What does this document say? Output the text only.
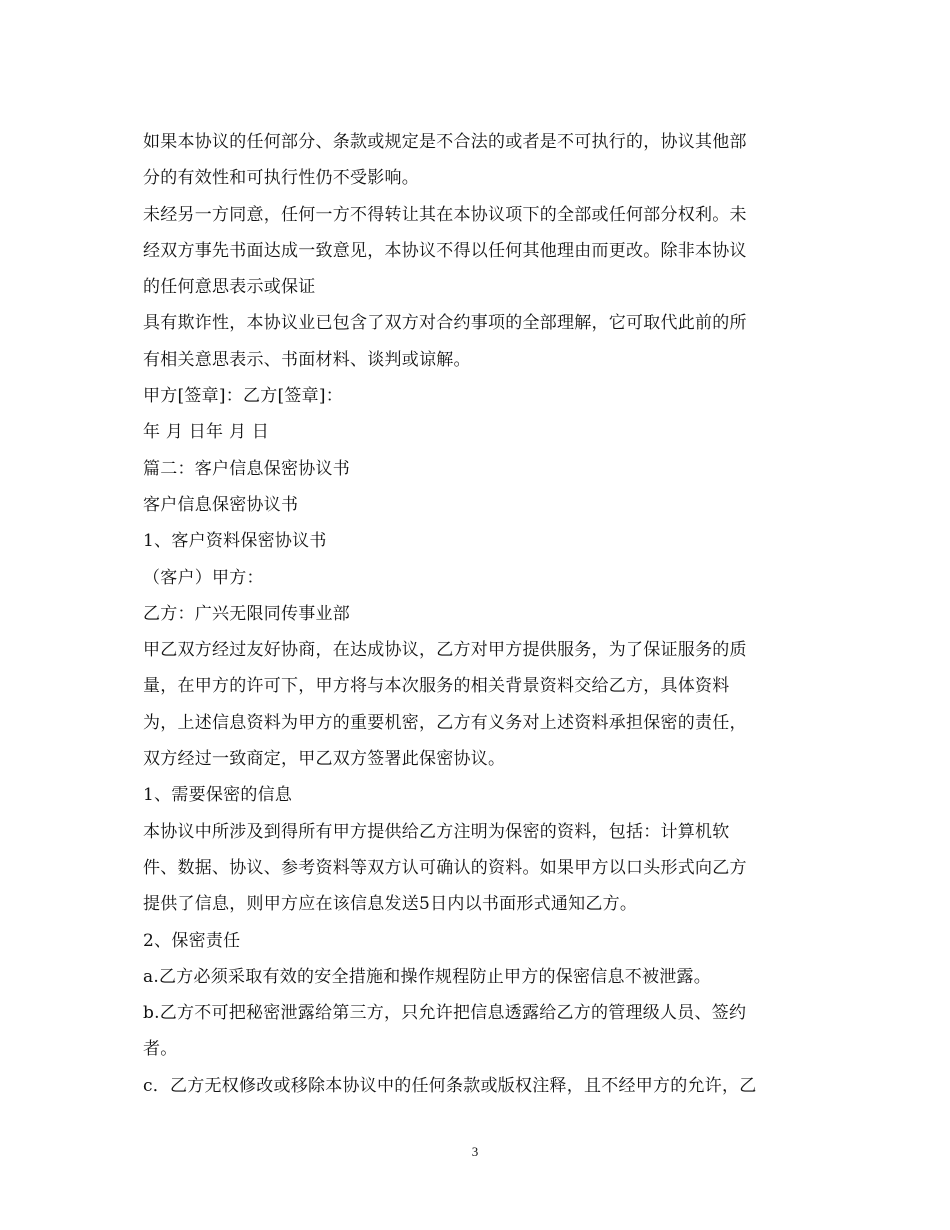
如果本协议的任何部分、条款或规定是不合法的或者是不可执行的，协议其他部
分的有效性和可执行性仍不受影响。
未经另一方同意，任何一方不得转让其在本协议项下的全部或任何部分权利。未
经双方事先书面达成一致意见，本协议不得以任何其他理由而更改。除非本协议
的任何意思表示或保证
具有欺诈性，本协议业已包含了双方对合约事项的全部理解，它可取代此前的所
有相关意思表示、书面材料、谈判或谅解。
甲方[签章]：乙方[签章]：
年 月 日年 月 日
篇二：客户信息保密协议书
客户信息保密协议书
1、客户资料保密协议书
（客户）甲方：
乙方：广兴无限同传事业部
甲乙双方经过友好协商，在达成协议，乙方对甲方提供服务，为了保证服务的质
量，在甲方的许可下，甲方将与本次服务的相关背景资料交给乙方，具体资料
为，上述信息资料为甲方的重要机密，乙方有义务对上述资料承担保密的责任，
双方经过一致商定，甲乙双方签署此保密协议。
1、需要保密的信息
本协议中所涉及到得所有甲方提供给乙方注明为保密的资料，包括：计算机软
件、数据、协议、参考资料等双方认可确认的资料。如果甲方以口头形式向乙方
提供了信息，则甲方应在该信息发送5日内以书面形式通知乙方。
2、保密责任
a.乙方必须采取有效的安全措施和操作规程防止甲方的保密信息不被泄露。
b.乙方不可把秘密泄露给第三方，只允许把信息透露给乙方的管理级人员、签约
者。
c．乙方无权修改或移除本协议中的任何条款或版权注释，且不经甲方的允许，乙
3
